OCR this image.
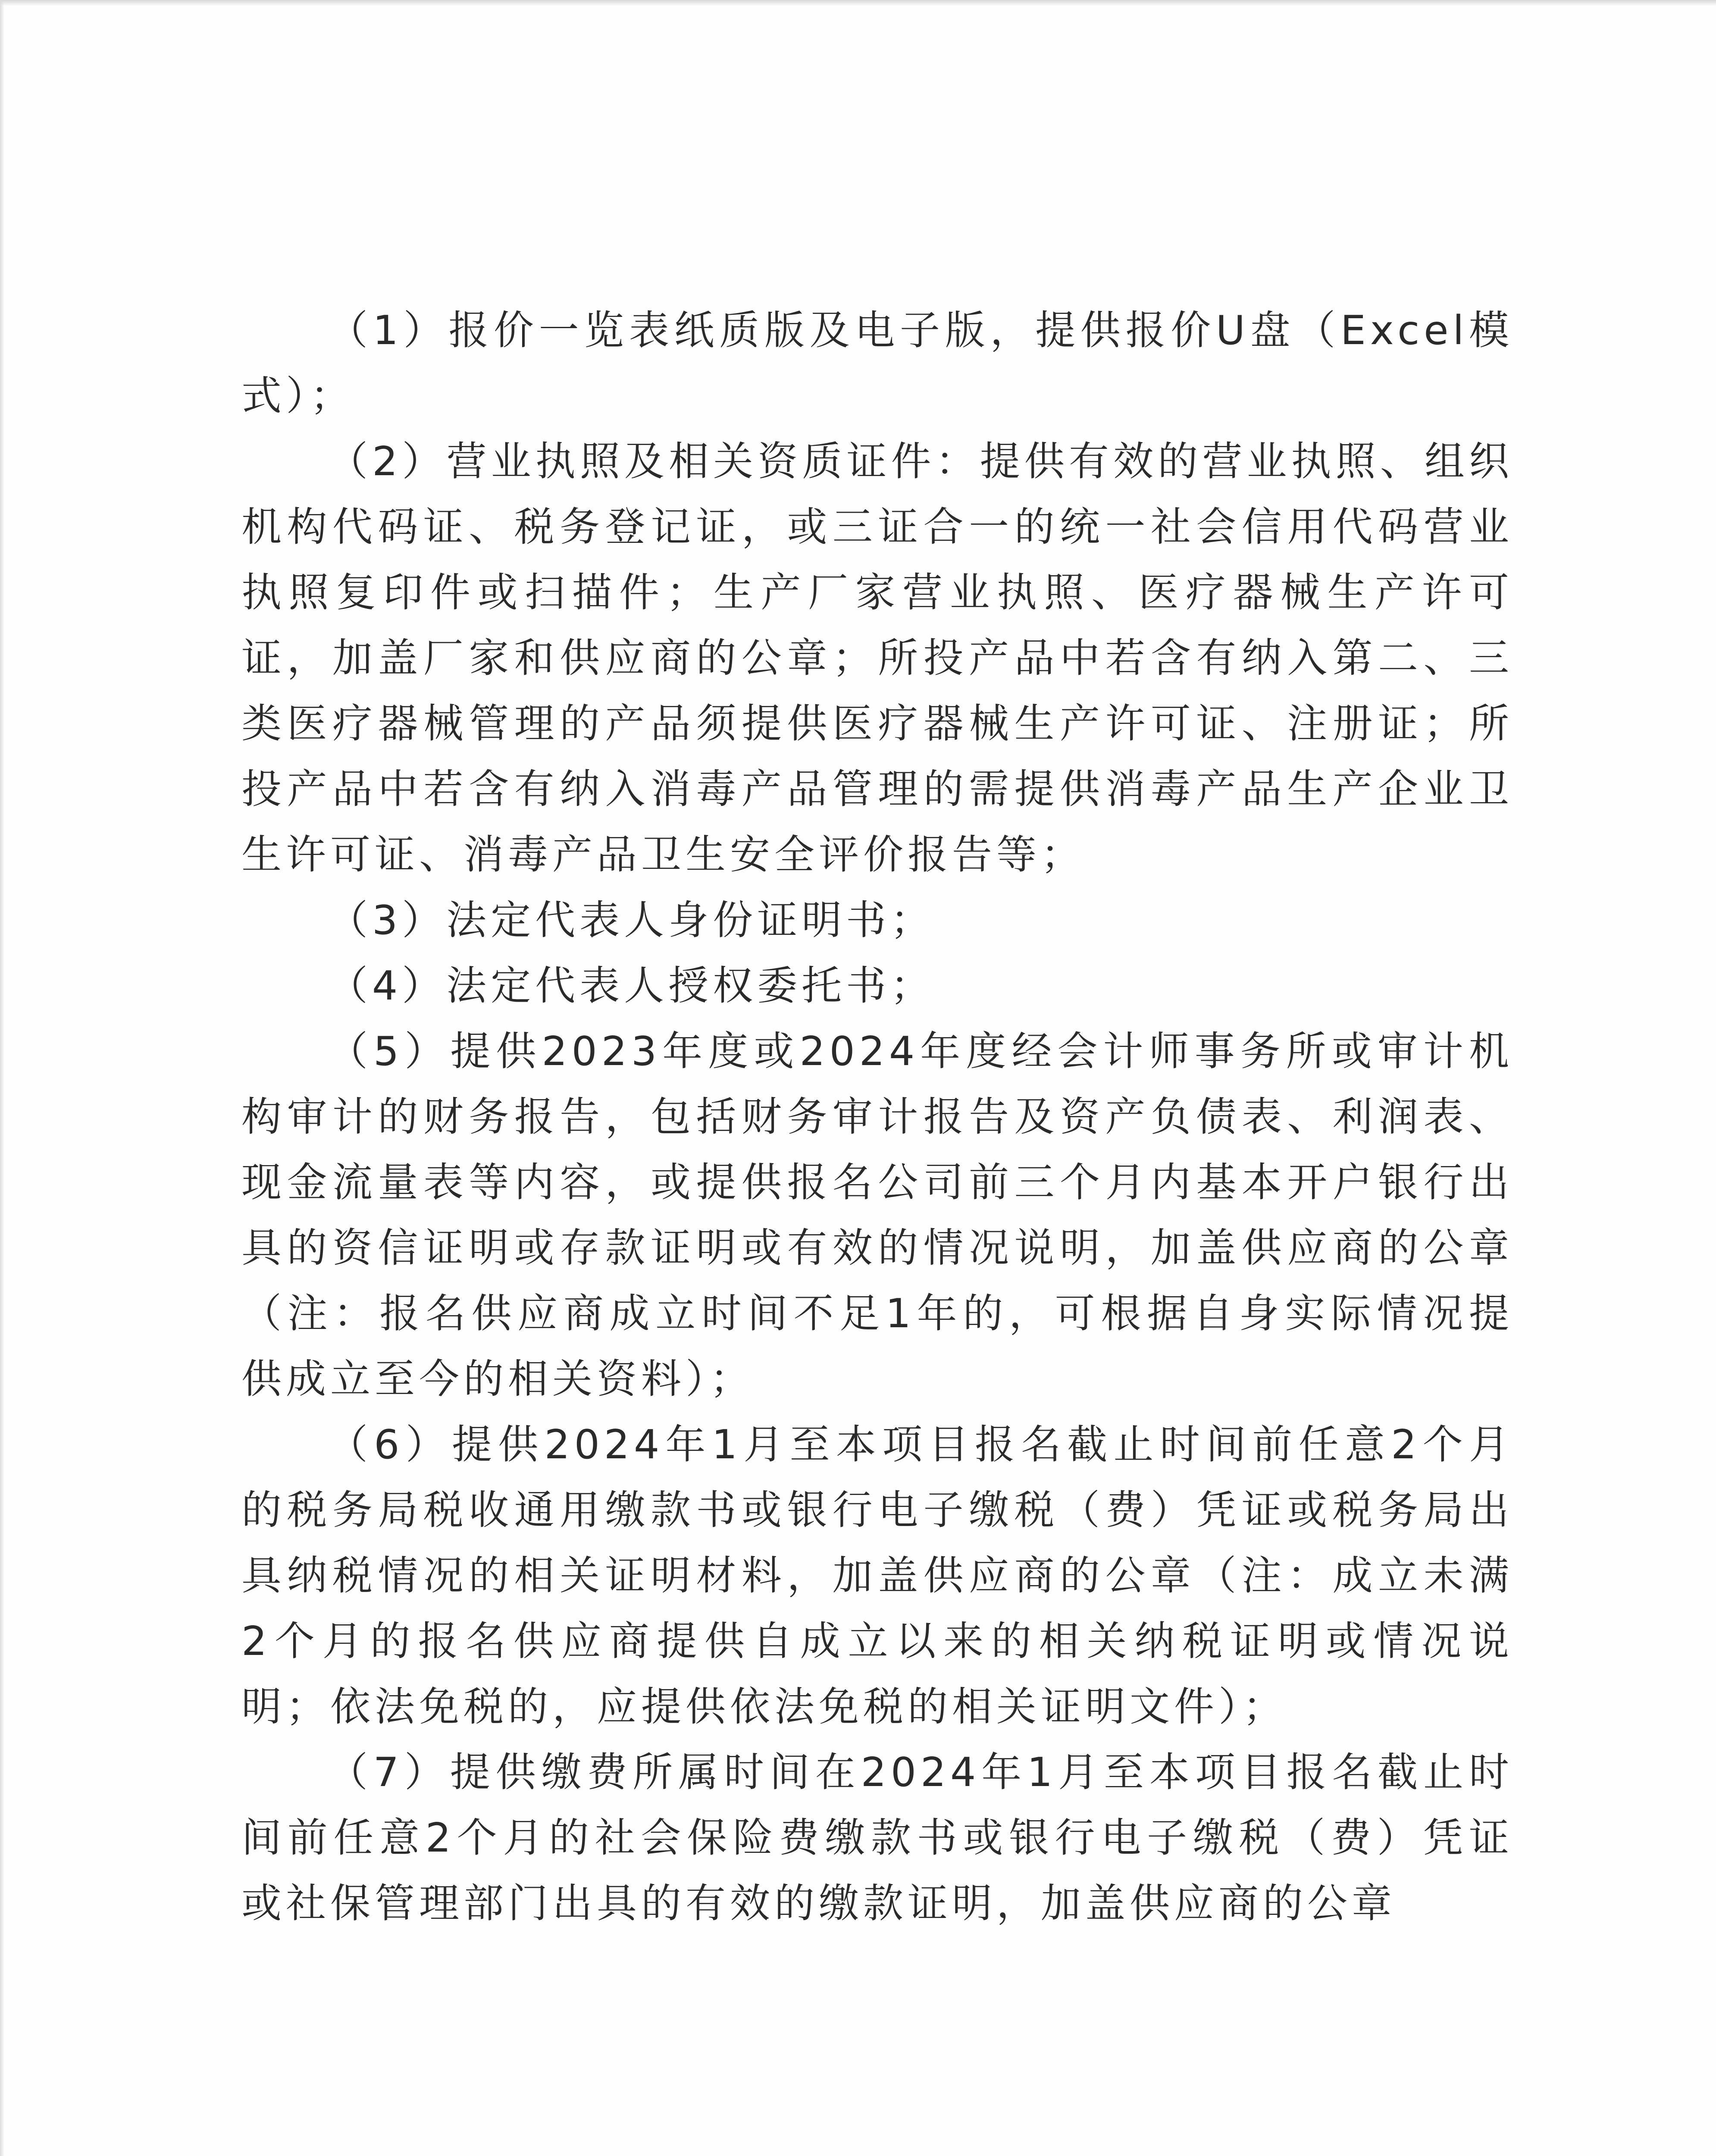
（1）报价一览表纸质版及电子版，提供报价U盘（Excel模式）；

（2）营业执照及相关资质证件：提供有效的营业执照、组织机构代码证、税务登记证，或三证合一的统一社会信用代码营业执照复印件或扫描件；生产厂家营业执照、医疗器械生产许可证，加盖厂家和供应商的公章；所投产品中若含有纳入第二、三类医疗器械管理的产品须提供医疗器械生产许可证、注册证；所投产品中若含有纳入消毒产品管理的需提供消毒产品生产企业卫生许可证、消毒产品卫生安全评价报告等；

（3）法定代表人身份证明书；

（4）法定代表人授权委托书；

（5）提供2023年度或2024年度经会计师事务所或审计机构审计的财务报告，包括财务审计报告及资产负债表、利润表、现金流量表等内容，或提供报名公司前三个月内基本开户银行出具的资信证明或存款证明或有效的情况说明，加盖供应商的公章（注：报名供应商成立时间不足1年的，可根据自身实际情况提供成立至今的相关资料）；

（6）提供2024年1月至本项目报名截止时间前任意2个月的税务局税收通用缴款书或银行电子缴税（费）凭证或税务局出具纳税情况的相关证明材料，加盖供应商的公章（注：成立未满2个月的报名供应商提供自成立以来的相关纳税证明或情况说明；依法免税的，应提供依法免税的相关证明文件）；

（7）提供缴费所属时间在2024年1月至本项目报名截止时间前任意2个月的社会保险费缴款书或银行电子缴税（费）凭证或社保管理部门出具的有效的缴款证明，加盖供应商的公章
